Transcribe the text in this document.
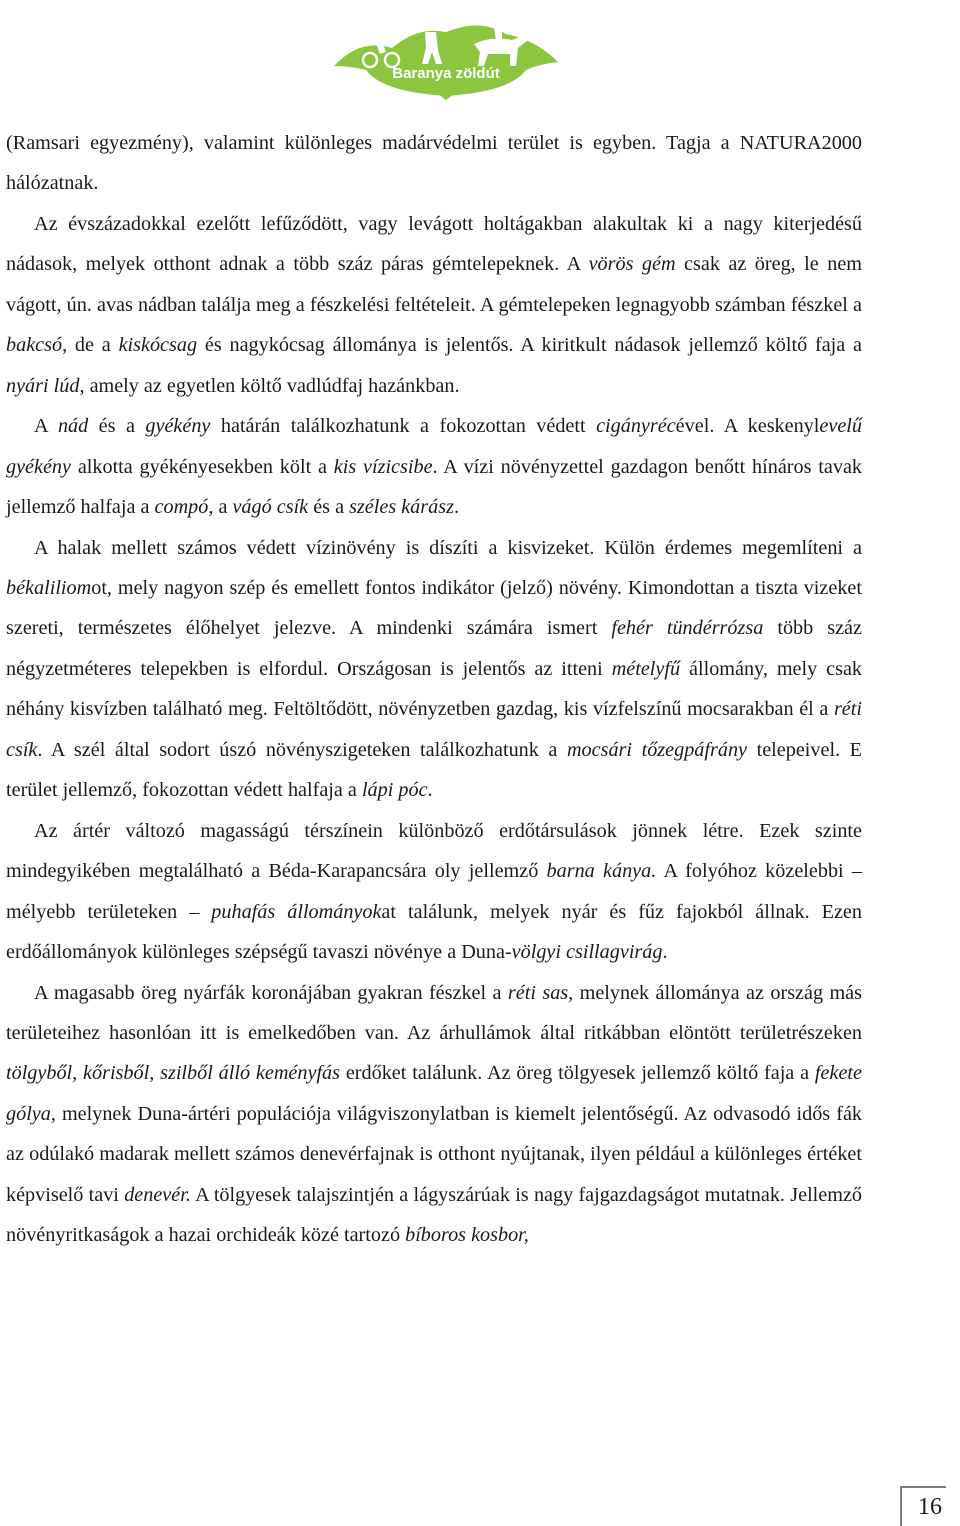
Baranya zöldút

(Ramsari egyezmény), valamint különleges madárvédelmi terület is egyben. Tagja a NATURA2000 hálózatnak.

Az évszázadokkal ezelőtt lefűződött, vagy levágott holtágakban alakultak ki a nagy kiterjedésű nádasok, melyek otthont adnak a több száz páras gémtelepeknek. A vörös gém csak az öreg, le nem vágott, ún. avas nádban találja meg a fészkelési feltételeit. A gémtelepeken legnagyobb számban fészkel a bakcsó, de a kiskócsag és nagykócsag állománya is jelentős. A kiritkult nádasok jellemző költő faja a nyári lúd, amely az egyetlen költő vadlúdfaj hazánkban.

A nád és a gyékény határán találkozhatunk a fokozottan védett cigányrécével. A keskenylevelű gyékény alkotta gyékényesekben költ a kis vízicsibe. A vízi növényzettel gazdagon benőtt hínáros tavak jellemző halfaja a compó, a vágó csík és a széles kárász.

A halak mellett számos védett vízinövény is díszíti a kisvizeket. Külön érdemes megemlíteni a békaliliomot, mely nagyon szép és emellett fontos indikátor (jelző) növény. Kimondottan a tiszta vizeket szereti, természetes élőhelyet jelezve. A mindenki számára ismert fehér tündérrózsa több száz négyzetméteres telepekben is elfordul. Országosan is jelentős az itteni mételyfű állomány, mely csak néhány kisvízben található meg. Feltöltődött, növényzetben gazdag, kis vízfelszínű mocsarakban él a réti csík. A szél által sodort úszó növényszigeteken találkozhatunk a mocsári tőzegpáfrány telepeivel. E terület jellemző, fokozottan védett halfaja a lápi póc.

Az ártér változó magasságú térszínein különböző erdőtársulások jönnek létre. Ezek szinte mindegyikében megtalálható a Béda-Karapancsára oly jellemző barna kánya. A folyóhoz közelebbi – mélyebb területeken – puhafás állományokat találunk, melyek nyár és fűz fajokból állnak. Ezen erdőállományok különleges szépségű tavaszi növénye a Duna-völgyi csillagvirág.

A magasabb öreg nyárfák koronájában gyakran fészkel a réti sas, melynek állománya az ország más területeihez hasonlóan itt is emelkedőben van. Az árhullámok által ritkábban elöntött területrészeken tölgyből, kőrisből, szilből álló keményfás erdőket találunk. Az öreg tölgyesek jellemző költő faja a fekete gólya, melynek Duna-ártéri populációja világviszonylatban is kiemelt jelentőségű. Az odvasodó idős fák az odúlakó madarak mellett számos denevérfajnak is otthont nyújtanak, ilyen például a különleges értéket képviselő tavi denevér. A tölgyesek talajszintjén a lágyszárúak is nagy fajgazdagságot mutatnak. Jellemző növényritkaságok a hazai orchideák közé tartozó bíboros kosbor,

16
